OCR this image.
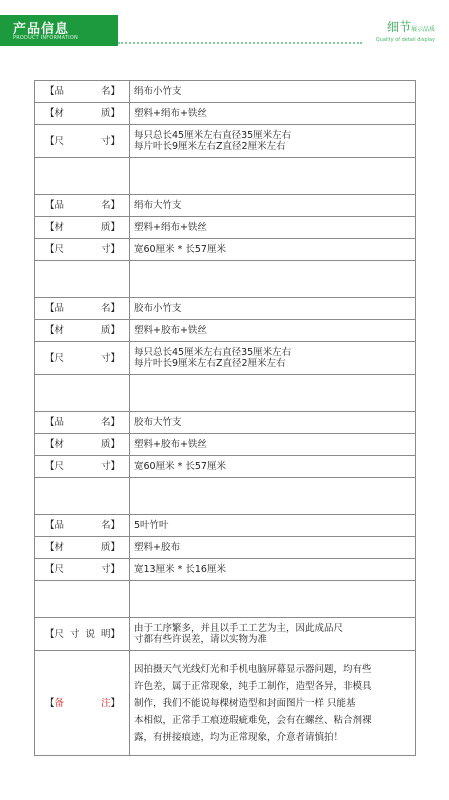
产品信息
PRODUCT INFORMATION
细节展示品质
Quality of detail display
【品 名】	绢布小竹支

【材 质】	塑料+绢布+铁丝

【尺 寸】	每只总长45厘米左右直径35厘米左右
每片叶长9厘米左右Z直径2厘米左右

【品 名】	绢布大竹支

【材 质】	塑料+绢布+铁丝

【尺 寸】	宽60厘米 * 长57厘米

【品 名】	胶布小竹支

【材 质】	塑料+胶布+铁丝

【尺 寸】	每只总长45厘米左右直径35厘米左右
每片叶长9厘米左右Z直径2厘米左右

【品 名】	胶布大竹支

【材 质】	塑料+胶布+铁丝

【尺 寸】	宽60厘米 * 长57厘米

【品 名】	5叶竹叶

【材 质】	塑料+胶布

【尺 寸】	宽13厘米 * 长16厘米

【尺寸说明】	由于工序繁多，并且以手工工艺为主，因此成品尺
寸都有些许误差，请以实物为准

【备 注】	因拍摄天气光线灯光和手机电脑屏幕显示器问题，均有些
许色差，属于正常现象，纯手工制作，造型各异，非模具
制作，我们不能说每棵树造型和封面图片一样 只能基
本相似，正常手工痕迹瑕疵难免，会有在螺丝、粘合剂裸
露，有拼接痕迹，均为正常现象，介意者请慎拍！
